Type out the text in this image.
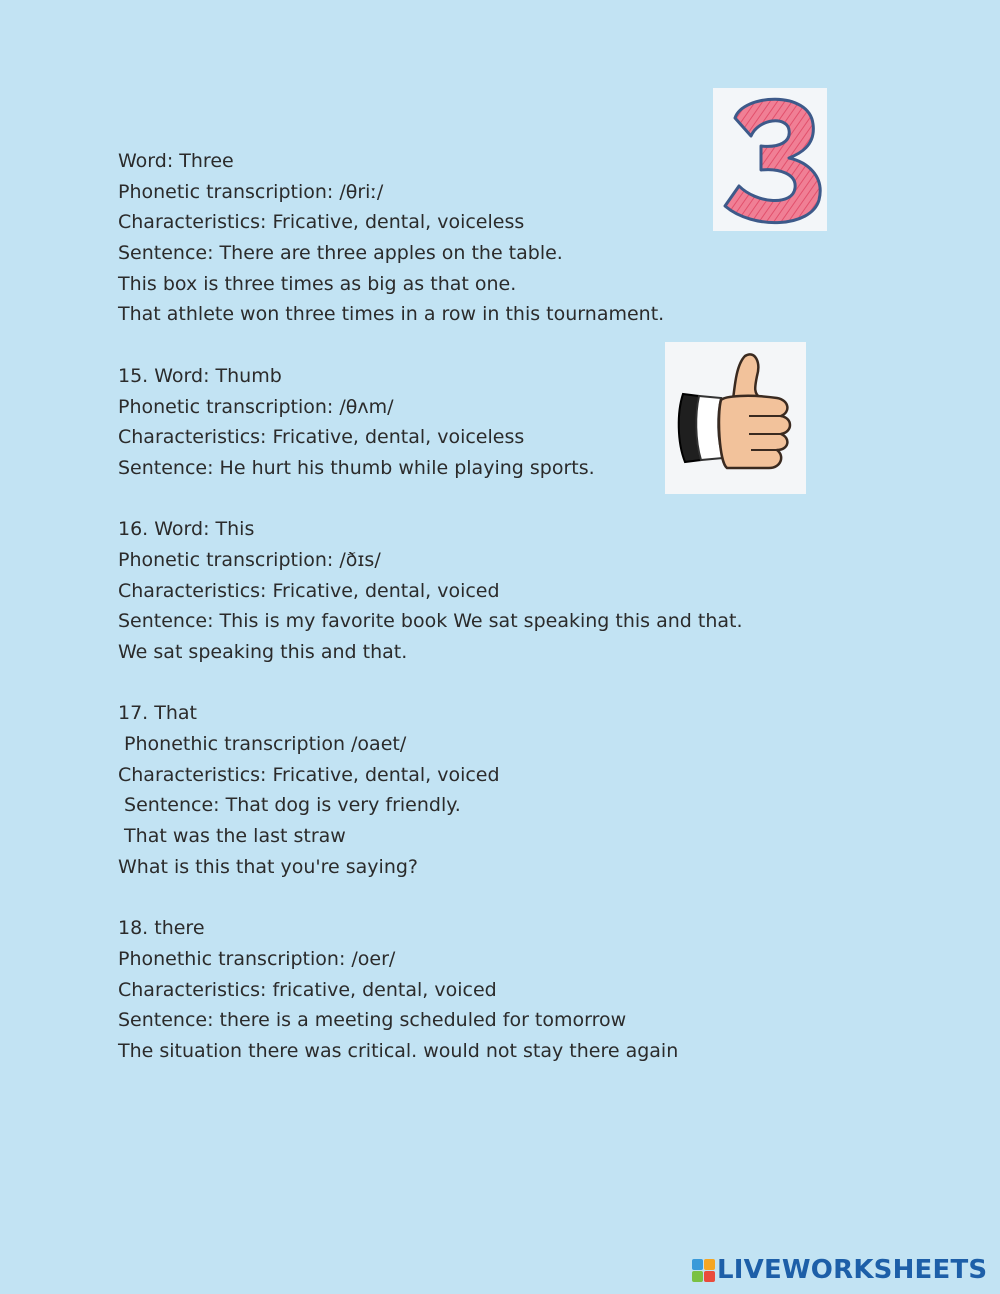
Word: Three
Phonetic transcription: /θriː/
Characteristics: Fricative, dental, voiceless
Sentence: There are three apples on the table.
This box is three times as big as that one.
That athlete won three times in a row in this tournament.
15. Word: Thumb
Phonetic transcription: /θʌm/
Characteristics: Fricative, dental, voiceless
Sentence: He hurt his thumb while playing sports.
16. Word: This
Phonetic transcription: /ðɪs/
Characteristics: Fricative, dental, voiced
Sentence: This is my favorite book We sat speaking this and that.
We sat speaking this and that.
17. That
Phonethic transcription /oaet/
Characteristics: Fricative, dental, voiced
Sentence: That dog is very friendly.
That was the last straw
What is this that you're saying?
18. there
Phonethic transcription: /oer/
Characteristics: fricative, dental, voiced
Sentence: there is a meeting scheduled for tomorrow
The situation there was critical. would not stay there again
LIVEWORKSHEETS
